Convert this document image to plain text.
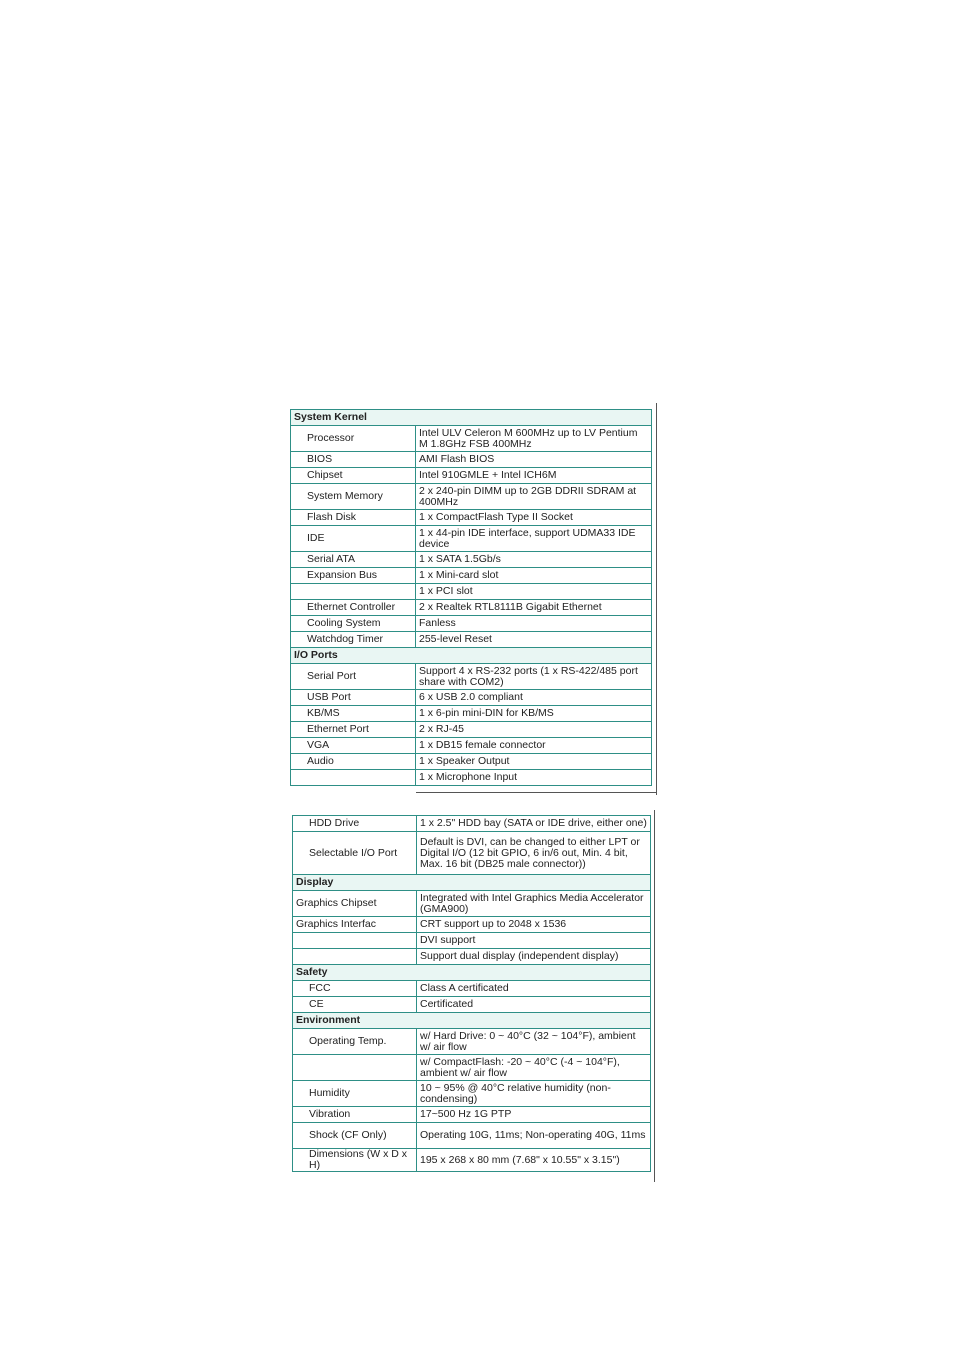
System Kernel	
Processor	Intel ULV Celeron M 600MHz up to LV Pentium M 1.8GHz FSB 400MHz
BIOS	AMI Flash BIOS
Chipset	Intel 910GMLE + Intel ICH6M
System Memory	2 x 240-pin DIMM up to 2GB DDRII SDRAM at 400MHz
Flash Disk	1 x CompactFlash Type II Socket
IDE	1 x 44-pin IDE interface, support UDMA33 IDE device
Serial ATA	1 x SATA 1.5Gb/s
Expansion Bus	1 x Mini-card slot
	1 x PCI slot
Ethernet Controller	2 x Realtek RTL8111B Gigabit Ethernet
Cooling System	Fanless
Watchdog Timer	255-level Reset
I/O Ports	
Serial Port	Support 4 x RS-232 ports (1 x RS-422/485 port share with COM2)
USB Port	6 x USB 2.0 compliant
KB/MS	1 x 6-pin mini-DIN for KB/MS
Ethernet Port	2 x RJ-45
VGA	1 x DB15 female connector
Audio	1 x Speaker Output
	1 x Microphone Input
HDD Drive	1 x 2.5" HDD bay (SATA or IDE drive, either one)
Selectable I/O Port	Default is DVI, can be changed to either LPT or Digital I/O (12 bit GPIO, 6 in/6 out, Min. 4 bit, Max. 16 bit (DB25 male connector))
Display	
Graphics Chipset	Integrated with Intel Graphics Media Accelerator (GMA900)
Graphics Interfac	CRT support up to 2048 x 1536
	DVI support
	Support dual display (independent display)
Safety	
FCC	Class A certificated
CE	Certificated
Environment	
Operating Temp.	w/ Hard Drive: 0 ~ 40°C (32 ~ 104°F), ambient w/ air flow
	w/ CompactFlash: -20 ~ 40°C (-4 ~ 104°F), ambient w/ air flow
Humidity	10 ~ 95% @ 40°C relative humidity (non-condensing)
Vibration	17~500 Hz 1G PTP
Shock (CF Only)	Operating 10G, 11ms; Non-operating 40G, 11ms
Dimensions (W x D x H)	195 x 268 x 80 mm (7.68" x 10.55" x 3.15")
